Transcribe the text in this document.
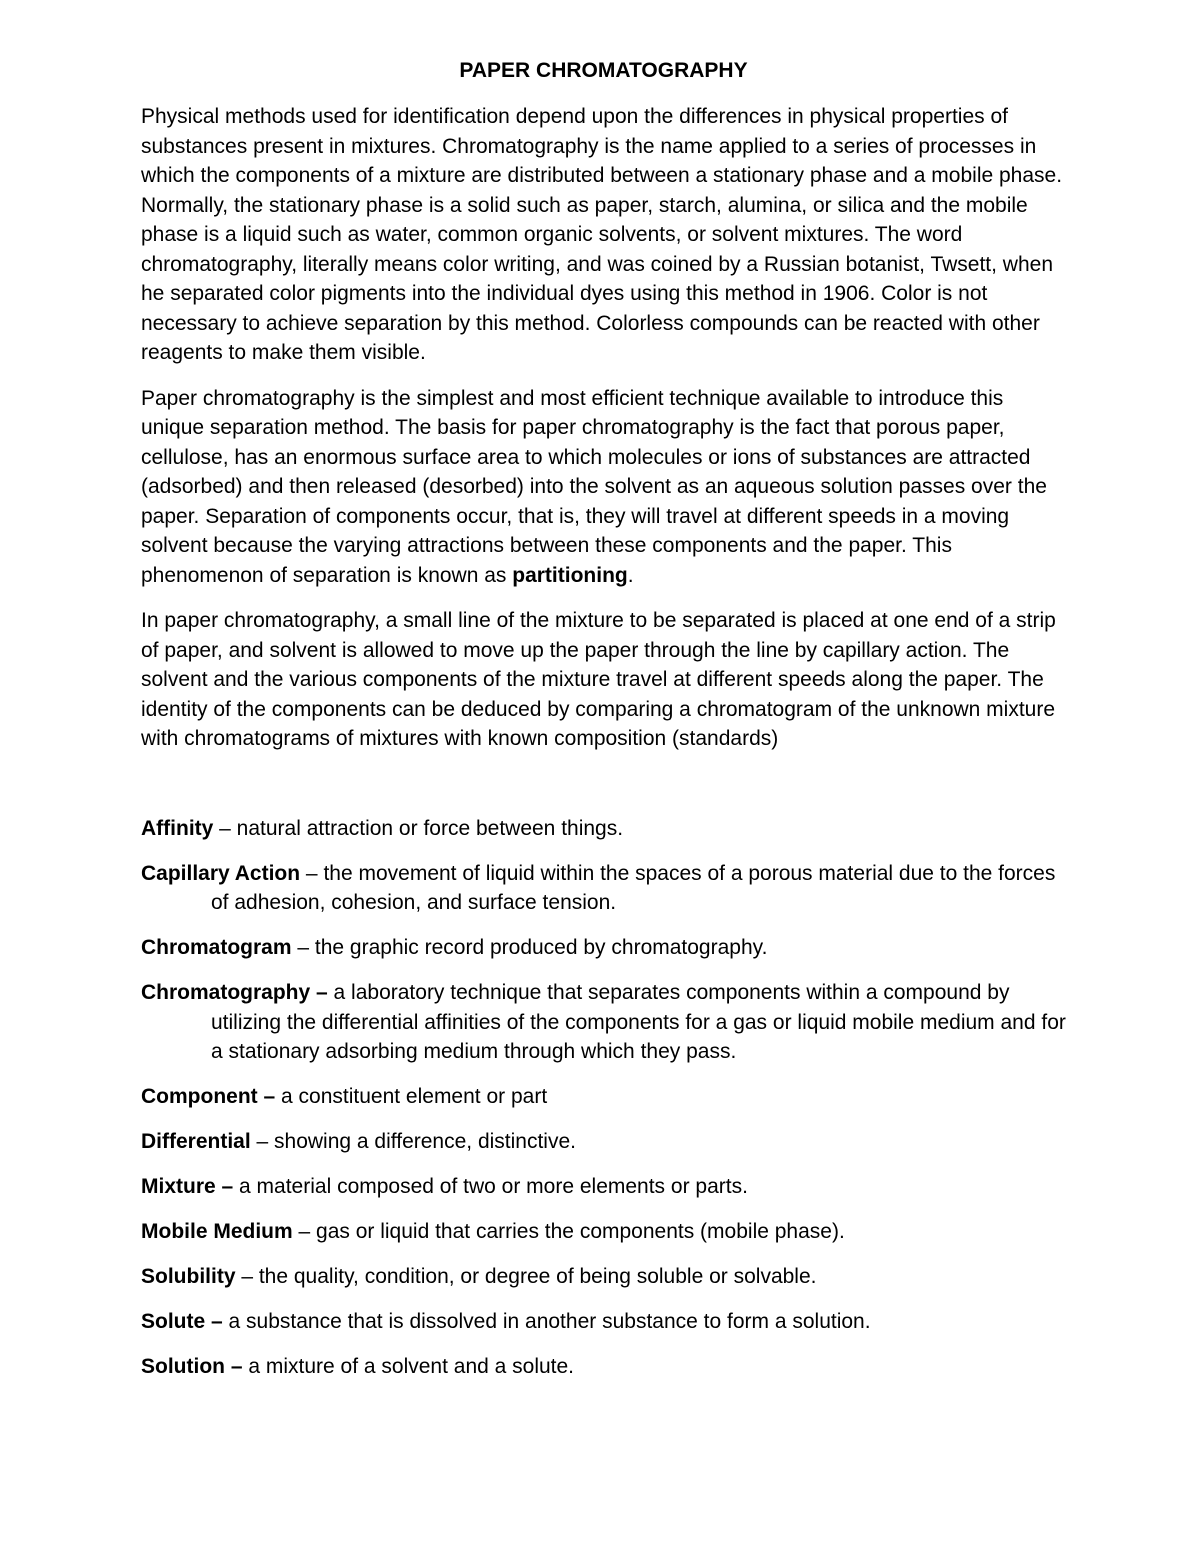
PAPER CHROMATOGRAPHY

Physical methods used for identification depend upon the differences in physical properties of substances present in mixtures. Chromatography is the name applied to a series of processes in which the components of a mixture are distributed between a stationary phase and a mobile phase. Normally, the stationary phase is a solid such as paper, starch, alumina, or silica and the mobile phase is a liquid such as water, common organic solvents, or solvent mixtures. The word chromatography, literally means color writing, and was coined by a Russian botanist, Twsett, when he separated color pigments into the individual dyes using this method in 1906. Color is not necessary to achieve separation by this method. Colorless compounds can be reacted with other reagents to make them visible.

Paper chromatography is the simplest and most efficient technique available to introduce this unique separation method. The basis for paper chromatography is the fact that porous paper, cellulose, has an enormous surface area to which molecules or ions of substances are attracted (adsorbed) and then released (desorbed) into the solvent as an aqueous solution passes over the paper. Separation of components occur, that is, they will travel at different speeds in a moving solvent because the varying attractions between these components and the paper. This phenomenon of separation is known as partitioning.

In paper chromatography, a small line of the mixture to be separated is placed at one end of a strip of paper, and solvent is allowed to move up the paper through the line by capillary action. The solvent and the various components of the mixture travel at different speeds along the paper. The identity of the components can be deduced by comparing a chromatogram of the unknown mixture with chromatograms of mixtures with known composition (standards)

Affinity – natural attraction or force between things.

Capillary Action – the movement of liquid within the spaces of a porous material due to the forces of adhesion, cohesion, and surface tension.

Chromatogram – the graphic record produced by chromatography.

Chromatography – a laboratory technique that separates components within a compound by utilizing the differential affinities of the components for a gas or liquid mobile medium and for a stationary adsorbing medium through which they pass.

Component – a constituent element or part

Differential – showing a difference, distinctive.

Mixture – a material composed of two or more elements or parts.

Mobile Medium – gas or liquid that carries the components (mobile phase).

Solubility – the quality, condition, or degree of being soluble or solvable.

Solute – a substance that is dissolved in another substance to form a solution.

Solution – a mixture of a solvent and a solute.
